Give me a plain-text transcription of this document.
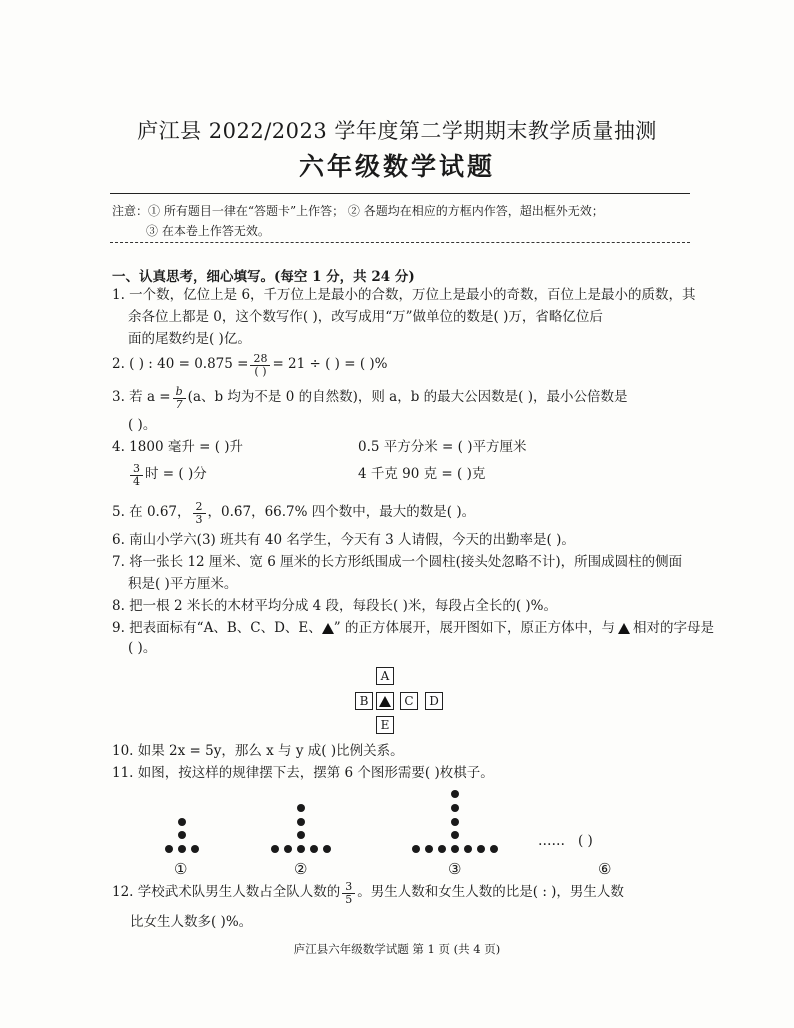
庐江县 2022/2023 学年度第二学期期末教学质量抽测
六年级数学试题
注意：① 所有题目一律在“答题卡”上作答； ② 各题均在相应的方框内作答，超出框外无效；
③ 在本卷上作答无效。
一、认真思考，细心填写。(每空 1 分，共 24 分)
1. 一个数，亿位上是 6，千万位上是最小的合数，万位上是最小的奇数，百位上是最小的质数，其
余各位上都是 0，这个数写作( )，改写成用“万”做单位的数是( )万，省略亿位后
面的尾数约是( )亿。
2. ( ) : $40 = 0.875 = \frac{28}{( )} = 21$ ÷ ( ) = ( )%
3. 若 $a = \frac{b}{7} (a$、b 均为不是 0 的自然数)，则 a，b 的最大公因数是( )，最小公倍数是
( )。
4. 1800 毫升 = ( )升	0.5 平方分米 = ( )平方厘米
$\frac{3}{4}$ 时 = ( )分	4 千克 90 克 = ( )克
5. 在 0.67， $\frac{2}{3}$ ，0.6̇7̇，66.7% 四个数中，最大的数是( )。
6. 南山小学六(3) 班共有 40 名学生，今天有 3 人请假，今天的出勤率是( )。
7. 将一张长 12 厘米、宽 6 厘米的长方形纸围成一个圆柱(接头处忽略不计)，所围成圆柱的侧面
积是( )平方厘米。
8. 把一根 2 米长的木材平均分成 4 段，每段长( )米，每段占全长的( )%。
9. 把表面标有“A、B、C、D、E、 ” 的正方体展开，展开图如下，原正方体中，与 相对的字母是
( )。
A
B	C	D
E
10. 如果 2x = 5y，那么 x 与 y 成( )比例关系。
11. 如图，按这样的规律摆下去，摆第 6 个图形需要( )枚棋子。
①	②	③
…… ( )
⑥
12. 学校武术队男生人数占全队人数的 $\frac{3}{5}$ 。男生人数和女生人数的比是( : )，男生人数
比女生人数多( )%。
庐江县六年级数学试题 第 1 页 (共 4 页)
